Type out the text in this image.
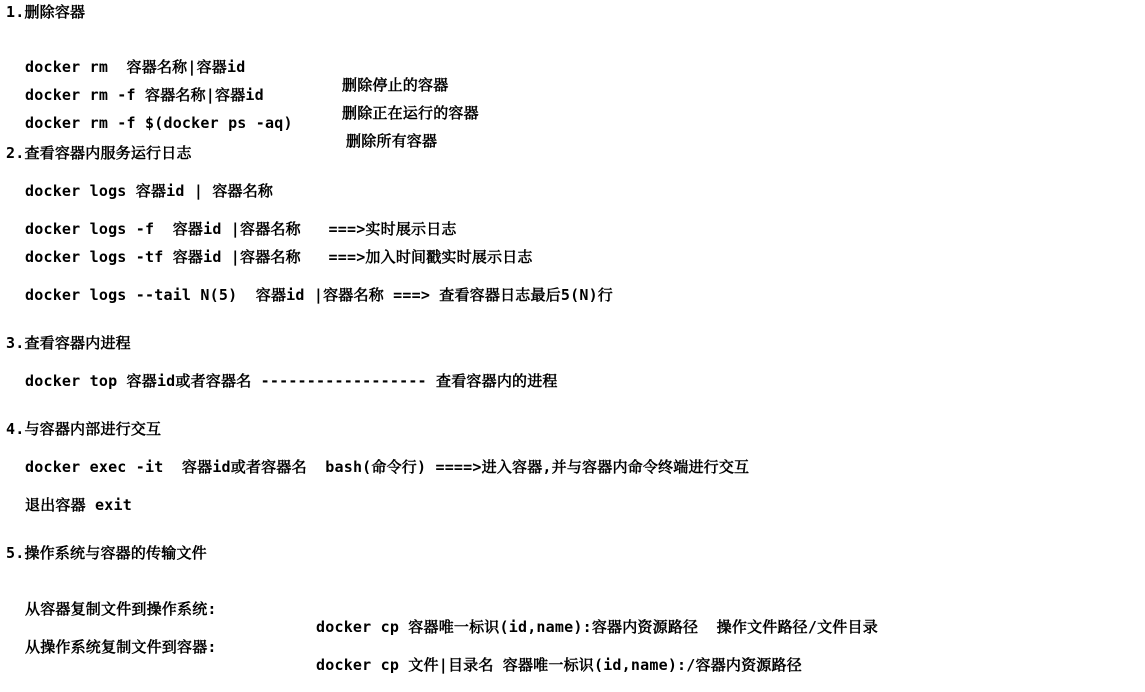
1.删除容器

docker rm  容器名称|容器id

删除停止的容器

docker rm -f 容器名称|容器id

删除正在运行的容器

docker rm -f $(docker ps -aq)

删除所有容器

2.查看容器内服务运行日志
docker logs 容器id | 容器名称
docker logs -f  容器id |容器名称   ===>实时展示日志
docker logs -tf 容器id |容器名称   ===>加入时间戳实时展示日志
docker logs --tail N(5)  容器id |容器名称 ===> 查看容器日志最后5(N)行
3.查看容器内进程
docker top 容器id或者容器名 ------------------ 查看容器内的进程
4.与容器内部进行交互
docker exec -it  容器id或者容器名  bash(命令行) ====>进入容器,并与容器内命令终端进行交互
退出容器 exit
5.操作系统与容器的传输文件

从容器复制文件到操作系统:

docker cp 容器唯一标识(id,name):容器内资源路径  操作文件路径/文件目录

从操作系统复制文件到容器:

docker cp 文件|目录名 容器唯一标识(id,name):/容器内资源路径
